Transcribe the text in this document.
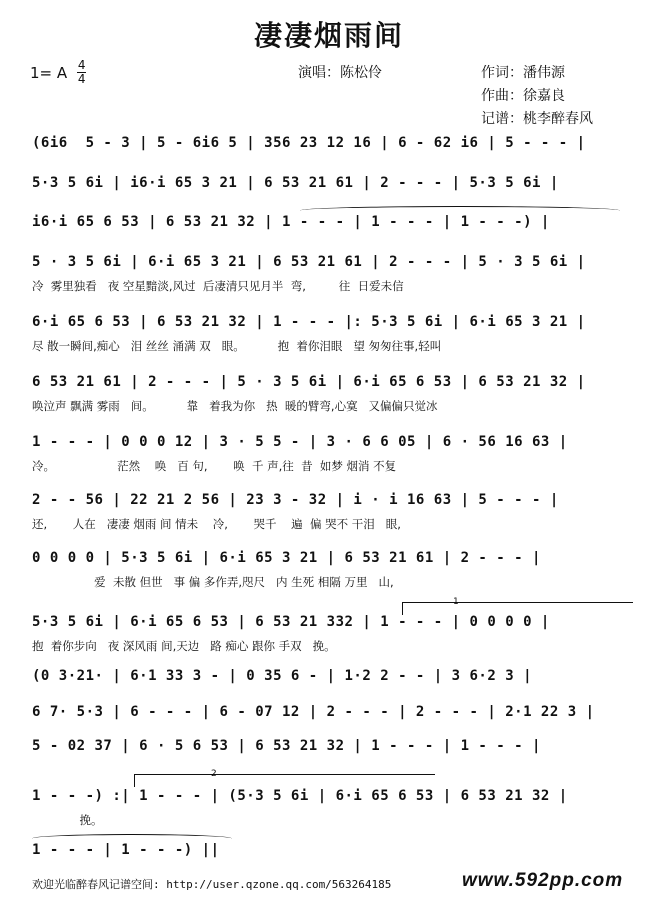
凄凄烟雨间
1= A 4
4	演唱：陈松伶	作词：潘伟源
作曲：徐嘉良
记谱：桃李醉春风
(6i6  5 - 3 | 5 - 6i6 5 | 356 23 12 16 | 6 - 62 i6 | 5 - - - |
5·3 5 6i | i6·i 65 3 21 | 6 53 21 61 | 2 - - - | 5·3 5 6i |
i6·i 65 6 53 | 6 53 21 32 | 1 - - - | 1 - - - | 1 - - -) |
5 · 3 5 6i | 6·i 65 3 21 | 6 53 21 61 | 2 - - - | 5 · 3 5 6i |
冷  雾里独看   夜 空星黯淡,风过  后凄清只见月半  弯,         往  日爱未信
6·i 65 6 53 | 6 53 21 32 | 1 - - - |: 5·3 5 6i | 6·i 65 3 21 |
尽 散一瞬间,痴心   泪 丝丝 涌满 双   眼。         抱  着你泪眼   望 匆匆往事,轻叫
6 53 21 61 | 2 - - - | 5 · 3 5 6i | 6·i 65 6 53 | 6 53 21 32 |
唤泣声 飘满 雾雨   间。         靠   着我为你   热  暖的臂弯,心寞   又偏偏只觉冰
1 - - - | 0 0 0 12 | 3 · 5 5 - | 3 · 6 6 05 | 6 · 56 16 63 |
冷。                 茫然    唤   百 句,       唤  千 声,往  昔  如梦 烟消 不复
2 - - 56 | 22 21 2 56 | 23 3 - 32 | i · i 16 63 | 5 - - - |
还,       人在   凄凄 烟雨 间 情未    冷,       哭千    遍  偏 哭不 干泪   眼,
0 0 0 0 | 5·3 5 6i | 6·i 65 3 21 | 6 53 21 61 | 2 - - - |
爱  未散 但世   事 偏 多作弄,咫尺   内 生死 相隔 万里   山,
1
5·3 5 6i | 6·i 65 6 53 | 6 53 21 332 | 1 - - - | 0 0 0 0 |
抱  着你步向   夜 深风雨 间,天边   路 痴心 跟你 手双   挽。
(0 3·21· | 6·1 33 3 - | 0 35 6 - | 1·2 2 - - | 3 6·2 3 |
6 7· 5·3 | 6 - - - | 6 - 07 12 | 2 - - - | 2 - - - | 2·1 22 3 |
5 - 02 37 | 6 · 5 6 53 | 6 53 21 32 | 1 - - - | 1 - - - |
2
1 - - -) :| 1 - - - | (5·3 5 6i | 6·i 65 6 53 | 6 53 21 32 |
挽。
1 - - - | 1 - - -) ||
欢迎光临醉春风记谱空间: http://user.qzone.qq.com/563264185	www.592pp.com
